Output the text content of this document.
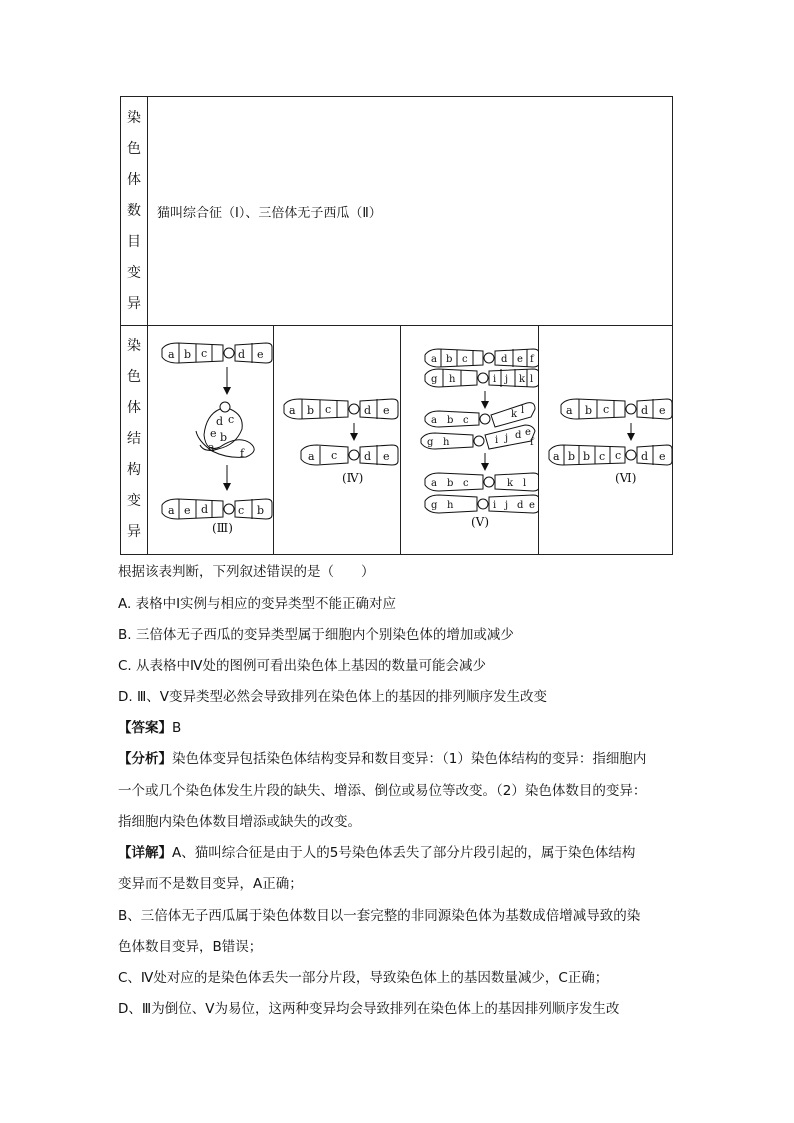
染
色
体
数
目
变
异
猫叫综合征（Ⅰ）、三倍体无子西瓜（Ⅱ）
染
色
体
结
构
变
异
a b c	d e
d c
e b
a f
a e d	c b
(Ⅲ)
a b c	d e
a c d e
(Ⅳ)
a b c	d e f
g h	i j k l
a b c
k l
g h	i j d e
f
a b c	k l
g h	i j d e
(Ⅴ)
a b c	d e
a b b c c d e
(Ⅵ)
根据该表判断，下列叙述错误的是（　　）
A. 表格中Ⅰ实例与相应的变异类型不能正确对应
B. 三倍体无子西瓜的变异类型属于细胞内个别染色体的增加或减少
C. 从表格中Ⅳ处的图例可看出染色体上基因的数量可能会减少
D. Ⅲ、Ⅴ变异类型必然会导致排列在染色体上的基因的排列顺序发生改变
【答案】B
【分析】染色体变异包括染色体结构变异和数目变异：（1）染色体结构的变异：指细胞内
一个或几个染色体发生片段的缺失、增添、倒位或易位等改变。（2）染色体数目的变异：
指细胞内染色体数目增添或缺失的改变。
【详解】A、猫叫综合征是由于人的5号染色体丢失了部分片段引起的，属于染色体结构
变异而不是数目变异，A正确；
B、三倍体无子西瓜属于染色体数目以一套完整的非同源染色体为基数成倍增减导致的染
色体数目变异，B错误；
C、Ⅳ处对应的是染色体丢失一部分片段，导致染色体上的基因数量减少，C正确；
D、Ⅲ为倒位、Ⅴ为易位，这两种变异均会导致排列在染色体上的基因排列顺序发生改
